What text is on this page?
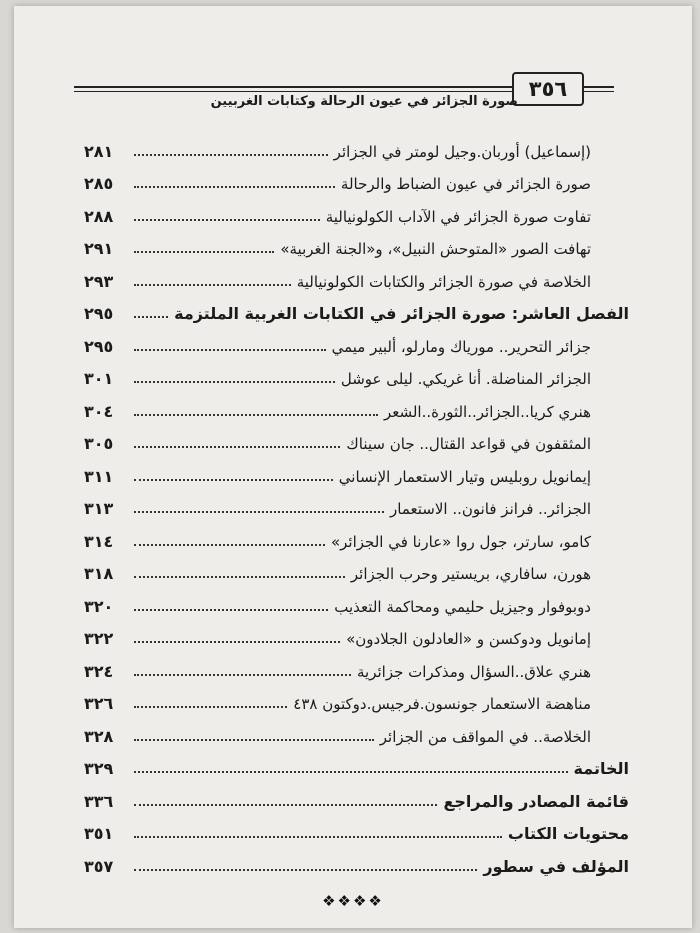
٣٥٦
صورة الجزائر في عيون الرحالة وكتابات الغربيين
(إسماعيل) أوربان.وجيل لومتر في الجزائر
٢٨١
صورة الجزائر في عيون الضباط والرحالة
٢٨٥
تفاوت صورة الجزائر في الآداب الكولونيالية
٢٨٨
تهافت الصور «المتوحش النبيل»، و«الجنة الغربية»
٢٩١
الخلاصة في صورة الجزائر والكتابات الكولونيالية
٢٩٣
الفصل العاشر: صورة الجزائر في الكتابات الغربية الملتزمة
٢٩٥
جزائر التحرير.. مورياك ومارلو، ألبير ميمي
٢٩٥
الجزائر المناضلة. أنا غريكي. ليلى عوشل
٣٠١
هنري كريا..الجزائر..الثورة..الشعر
٣٠٤
المثقفون في قواعد القتال.. جان سيناك
٣٠٥
إيمانويل روبليس وتيار الاستعمار الإنساني
٣١١
الجزائر.. فرانز فانون.. الاستعمار
٣١٣
كامو، سارتر، جول روا «عارنا في الجزائر»
٣١٤
هورن، سافاري، بريستير وحرب الجزائر
٣١٨
دوبوفوار وجيزيل حليمي ومحاكمة التعذيب
٣٢٠
إمانويل ودوكسن و «العادلون الجلادون»
٣٢٢
هنري علاق..السؤال ومذكرات جزائرية
٣٢٤
مناهضة الاستعمار جونسون.فرجيس.دوكتون ٤٣٨
٣٢٦
الخلاصة.. في المواقف من الجزائر
٣٢٨
الخاتمة
٣٢٩
قائمة المصادر والمراجع
٣٣٦
محتويات الكتاب
٣٥١
المؤلف في سطور
٣٥٧
❖❖❖❖
